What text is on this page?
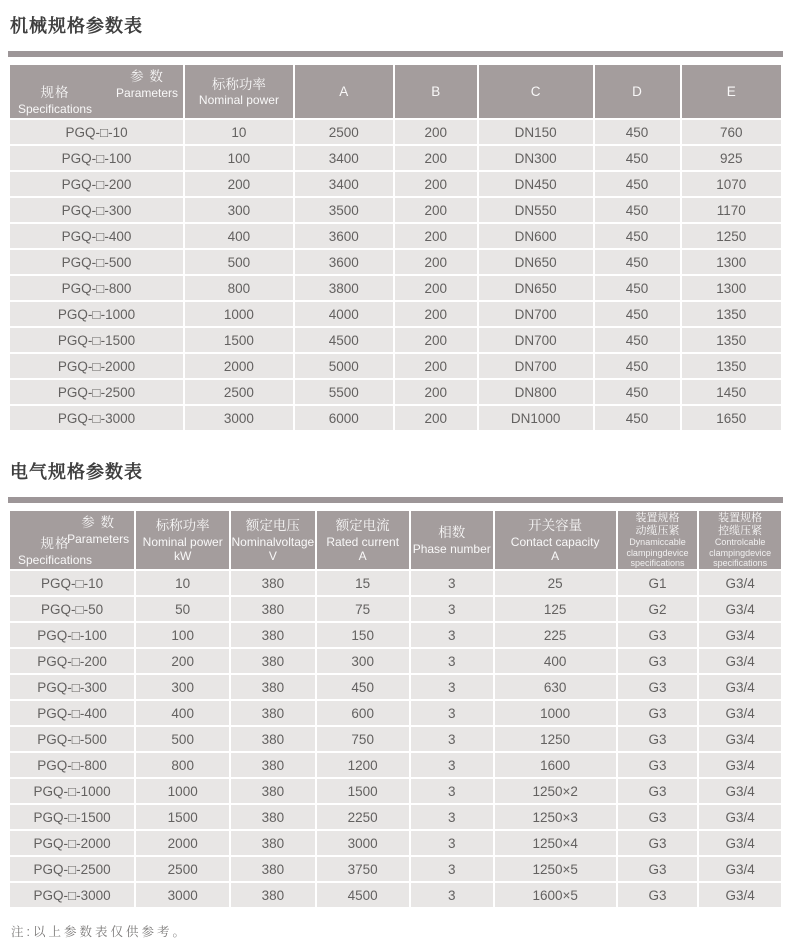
机械规格参数表
参 数
Parameters
规格
Specifications

标称功率
Nominal power

A	B	C	D	E

PGQ-□-10	10	2500	200	DN150	450	760
PGQ-□-100	100	3400	200	DN300	450	925
PGQ-□-200	200	3400	200	DN450	450	1070
PGQ-□-300	300	3500	200	DN550	450	1170
PGQ-□-400	400	3600	200	DN600	450	1250
PGQ-□-500	500	3600	200	DN650	450	1300
PGQ-□-800	800	3800	200	DN650	450	1300
PGQ-□-1000	1000	4000	200	DN700	450	1350
PGQ-□-1500	1500	4500	200	DN700	450	1350
PGQ-□-2000	2000	5000	200	DN700	450	1350
PGQ-□-2500	2500	5500	200	DN800	450	1450
PGQ-□-3000	3000	6000	200	DN1000	450	1650
电气规格参数表
参 数
Parameters
规格
Specifications

标称功率
Nominal power
kW

额定电压
Nominalvoltage
V

额定电流
Rated current
A

相数
Phase number

开关容量
Contact capacity
A

装置规格
动缆压紧
Dynamiccable
clampingdevice
specifications

装置规格
控缆压紧
Controlcable
clampingdevice
specifications

PGQ-□-10	10	380	15	3	25	G1	G3/4
PGQ-□-50	50	380	75	3	125	G2	G3/4
PGQ-□-100	100	380	150	3	225	G3	G3/4
PGQ-□-200	200	380	300	3	400	G3	G3/4
PGQ-□-300	300	380	450	3	630	G3	G3/4
PGQ-□-400	400	380	600	3	1000	G3	G3/4
PGQ-□-500	500	380	750	3	1250	G3	G3/4
PGQ-□-800	800	380	1200	3	1600	G3	G3/4
PGQ-□-1000	1000	380	1500	3	1250×2	G3	G3/4
PGQ-□-1500	1500	380	2250	3	1250×3	G3	G3/4
PGQ-□-2000	2000	380	3000	3	1250×4	G3	G3/4
PGQ-□-2500	2500	380	3750	3	1250×5	G3	G3/4
PGQ-□-3000	3000	380	4500	3	1600×5	G3	G3/4

注:以上参数表仅供参考。
